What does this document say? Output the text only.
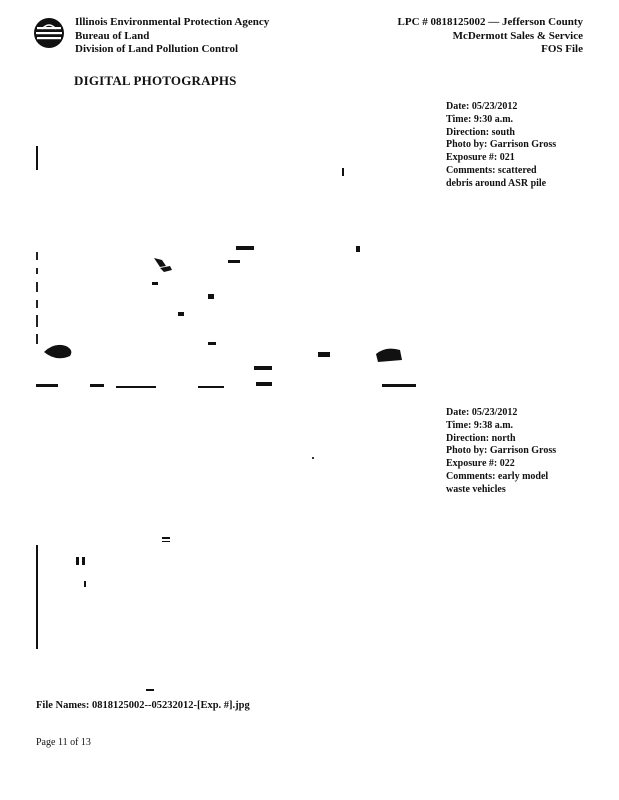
Illinois Environmental Protection Agency
Bureau of Land
Division of Land Pollution Control
LPC # 0818125002 — Jefferson County
McDermott Sales & Service
FOS File
DIGITAL PHOTOGRAPHS
Date: 05/23/2012
Time: 9:30 a.m.
Direction: south
Photo by: Garrison Gross
Exposure #: 021
Comments: scattered
debris around ASR pile
Date: 05/23/2012
Time: 9:38 a.m.
Direction: north
Photo by: Garrison Gross
Exposure #: 022
Comments: early model
waste vehicles
File Names: 0818125002--05232012-[Exp. #].jpg
Page 11 of 13
